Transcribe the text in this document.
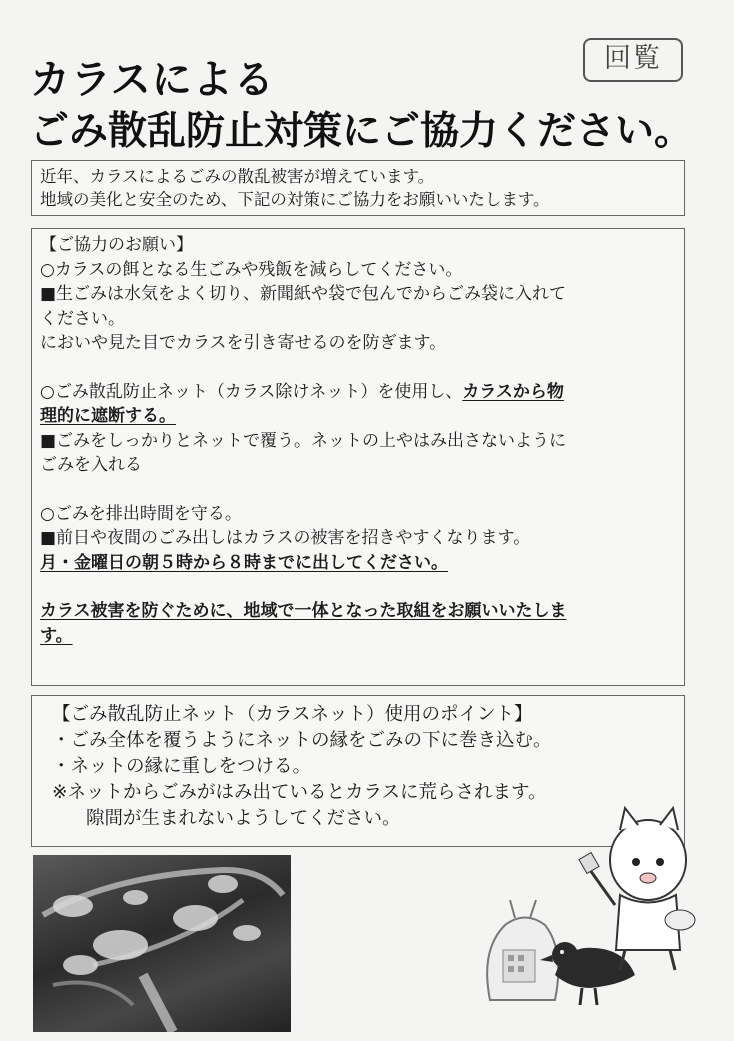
回覧
カラスによる
ごみ散乱防止対策にご協力ください。
近年、カラスによるごみの散乱被害が増えています。
地域の美化と安全のため、下記の対策にご協力をお願いいたします。
【ご協力のお願い】
○カラスの餌となる生ごみや残飯を減らしてください。
■生ごみは水気をよく切り、新聞紙や袋で包んでからごみ袋に入れて
ください。
においや見た目でカラスを引き寄せるのを防ぎます。
○ごみ散乱防止ネット（カラス除けネット）を使用し、カラスから物
理的に遮断する。
■ごみをしっかりとネットで覆う。ネットの上やはみ出さないように
ごみを入れる
○ごみを排出時間を守る。
■前日や夜間のごみ出しはカラスの被害を招きやすくなります。
月・金曜日の朝５時から８時までに出してください。
カラス被害を防ぐために、地域で一体となった取組をお願いいたしま
す。
【ごみ散乱防止ネット（カラスネット）使用のポイント】
・ごみ全体を覆うようにネットの縁をごみの下に巻き込む。
・ネットの縁に重しをつける。
※ネットからごみがはみ出ているとカラスに荒らされます。
隙間が生まれないようしてください。
